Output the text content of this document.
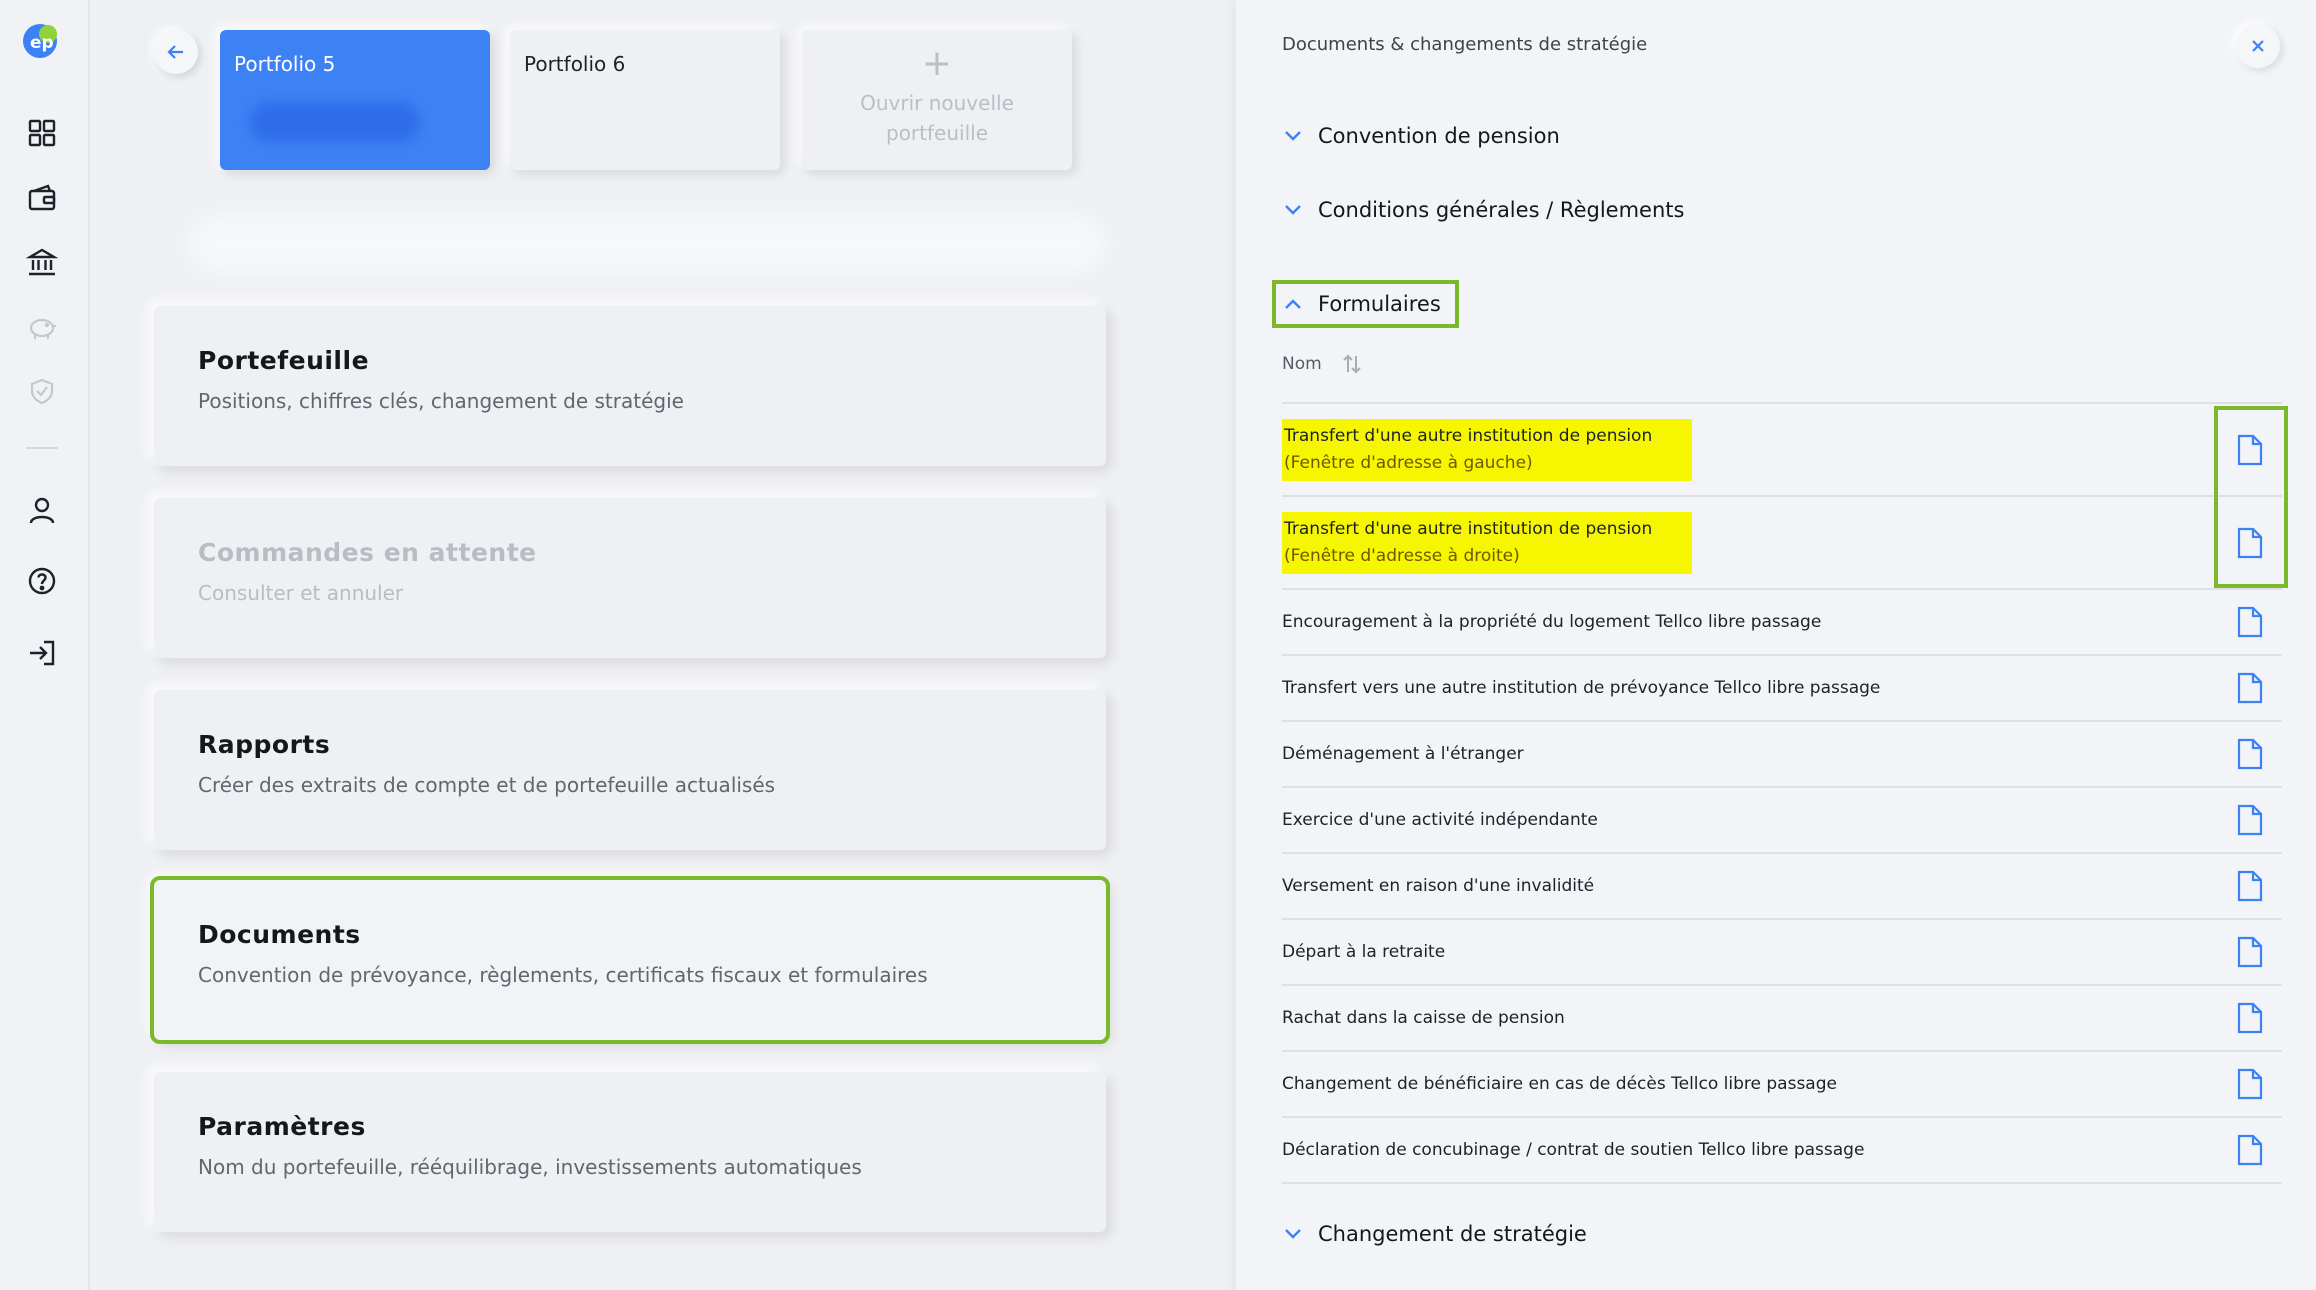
ep
Portfolio 5	Portfolio 6	+
Ouvrir nouvelle portfeuille
Portefeuille
Positions, chiffres clés, changement de stratégie
Commandes en attente
Consulter et annuler
Rapports
Créer des extraits de compte et de portefeuille actualisés
Documents
Convention de prévoyance, règlements, certificats fiscaux et formulaires
Paramètres
Nom du portefeuille, rééquilibrage, investissements automatiques
Documents & changements de stratégie
Convention de pension
Conditions générales / Règlements
Formulaires
Nom
Transfert d'une autre institution de pension
(Fenêtre d'adresse à gauche)
Transfert d'une autre institution de pension
(Fenêtre d'adresse à droite)
Encouragement à la propriété du logement Tellco libre passage
Transfert vers une autre institution de prévoyance Tellco libre passage
Déménagement à l'étranger
Exercice d'une activité indépendante
Versement en raison d'une invalidité
Départ à la retraite
Rachat dans la caisse de pension
Changement de bénéficiaire en cas de décès Tellco libre passage
Déclaration de concubinage / contrat de soutien Tellco libre passage
Changement de stratégie
